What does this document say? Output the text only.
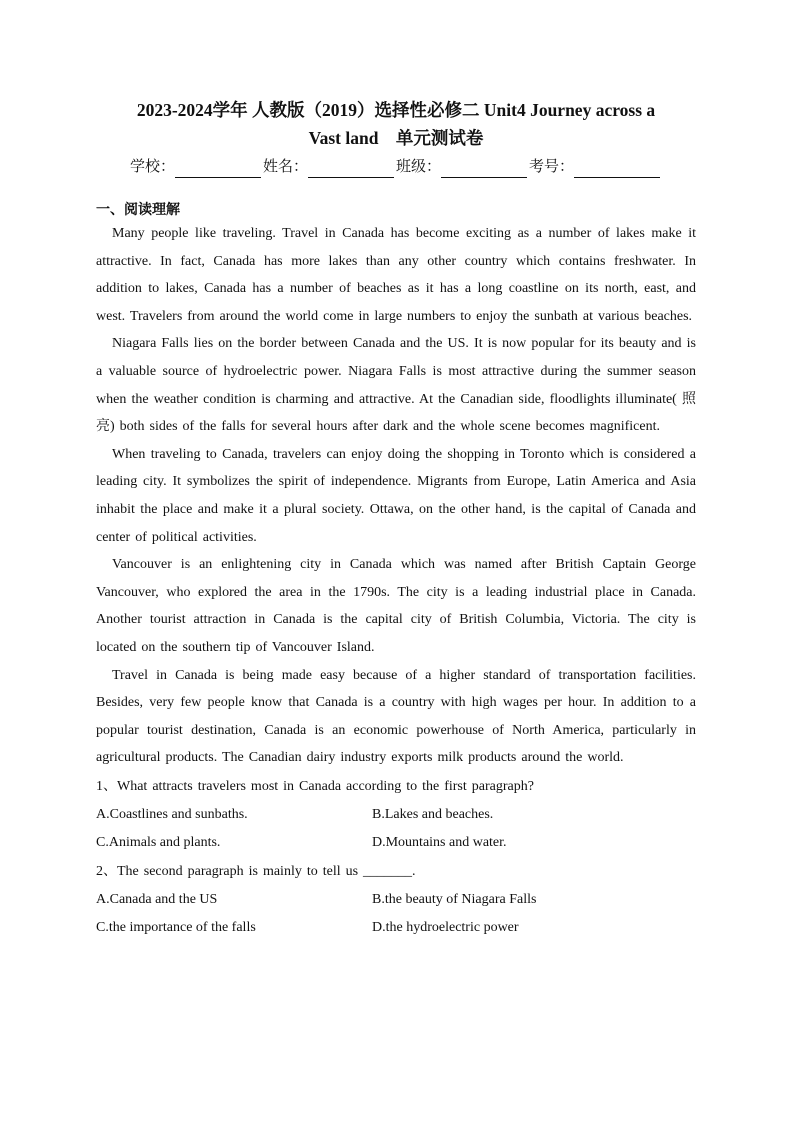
2023-2024学年 人教版（2019）选择性必修二 Unit4 Journey across a
Vast land　单元测试卷

学校：	姓名：	班级：	考号：
一、阅读理解

Many people like traveling. Travel in Canada has become exciting as a number of lakes make it attractive. In fact, Canada has more lakes than any other country which contains freshwater. In addition to lakes, Canada has a number of beaches as it has a long coastline on its north, east, and west. Travelers from around the world come in large numbers to enjoy the sunbath at various beaches.

Niagara Falls lies on the border between Canada and the US. It is now popular for its beauty and is a valuable source of hydroelectric power. Niagara Falls is most attractive during the summer season when the weather condition is charming and attractive. At the Canadian side, floodlights illuminate( 照亮) both sides of the falls for several hours after dark and the whole scene becomes magnificent.

When traveling to Canada, travelers can enjoy doing the shopping in Toronto which is considered a leading city. It symbolizes the spirit of independence. Migrants from Europe, Latin America and Asia inhabit the place and make it a plural society. Ottawa, on the other hand, is the capital of Canada and center of political activities.

Vancouver is an enlightening city in Canada which was named after British Captain George Vancouver, who explored the area in the 1790s. The city is a leading industrial place in Canada. Another tourist attraction in Canada is the capital city of British Columbia, Victoria. The city is located on the southern tip of Vancouver Island.

Travel in Canada is being made easy because of a higher standard of transportation facilities. Besides, very few people know that Canada is a country with high wages per hour. In addition to a popular tourist destination, Canada is an economic powerhouse of North America, particularly in agricultural products. The Canadian dairy industry exports milk products around the world.

1、What attracts travelers most in Canada according to the first paragraph?

A.Coastlines and sunbaths.	B.Lakes and beaches.

C.Animals and plants.	D.Mountains and water.

2、The second paragraph is mainly to tell us _______.

A.Canada and the US	B.the beauty of Niagara Falls

C.the importance of the falls	D.the hydroelectric power
